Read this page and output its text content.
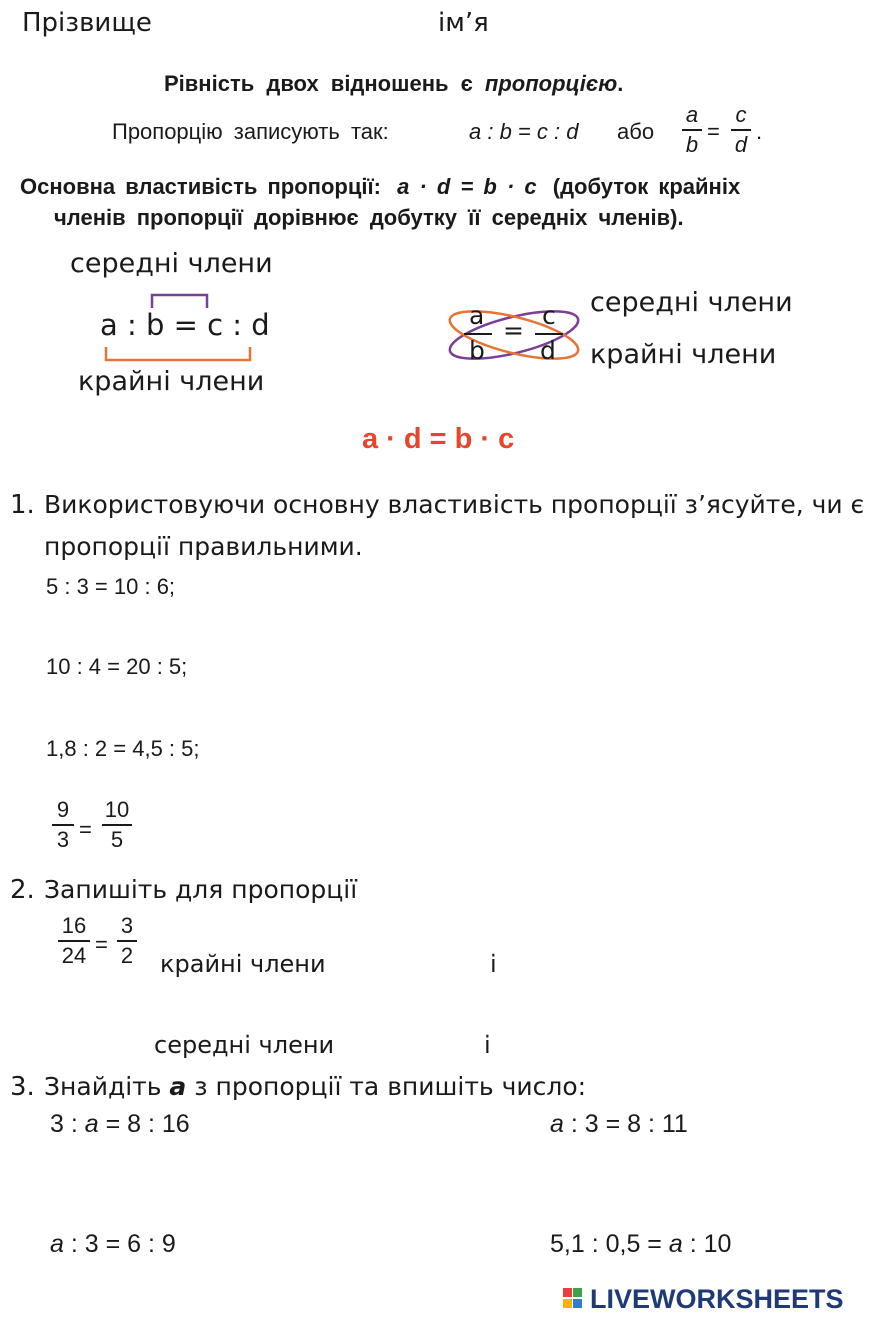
Прізвище	ім’я
Рівність двох відношень є пропорцією.
Пропорцію записують так:	a : b = c : d або
a
b =
c
d .
Основна властивість пропорції: a · d = b · c (добуток крайніх
членів пропорції дорівнює добутку її середніх членів).
середні члени
a : b = c : d
крайні члени
a
b
=
c
d
середні члени
крайні члени
a · d = b · c
1. Використовуючи основну властивість пропорції з’ясуйте, чи є
пропорції правильними.
5 : 3 = 10 : 6;
10 : 4 = 20 : 5;
1,8 : 2 = 4,5 : 5;
9
3 =
10
5
2. Запишіть для пропорції
16
24 =
3
2 крайні члени	і
середні члени	і
3. Знайдіть а з пропорції та впишіть число:
3 : a = 8 : 16	a : 3 = 8 : 11
a : 3 = 6 : 9	5,1 : 0,5 = a : 10
LIVEWORKSHEETS
